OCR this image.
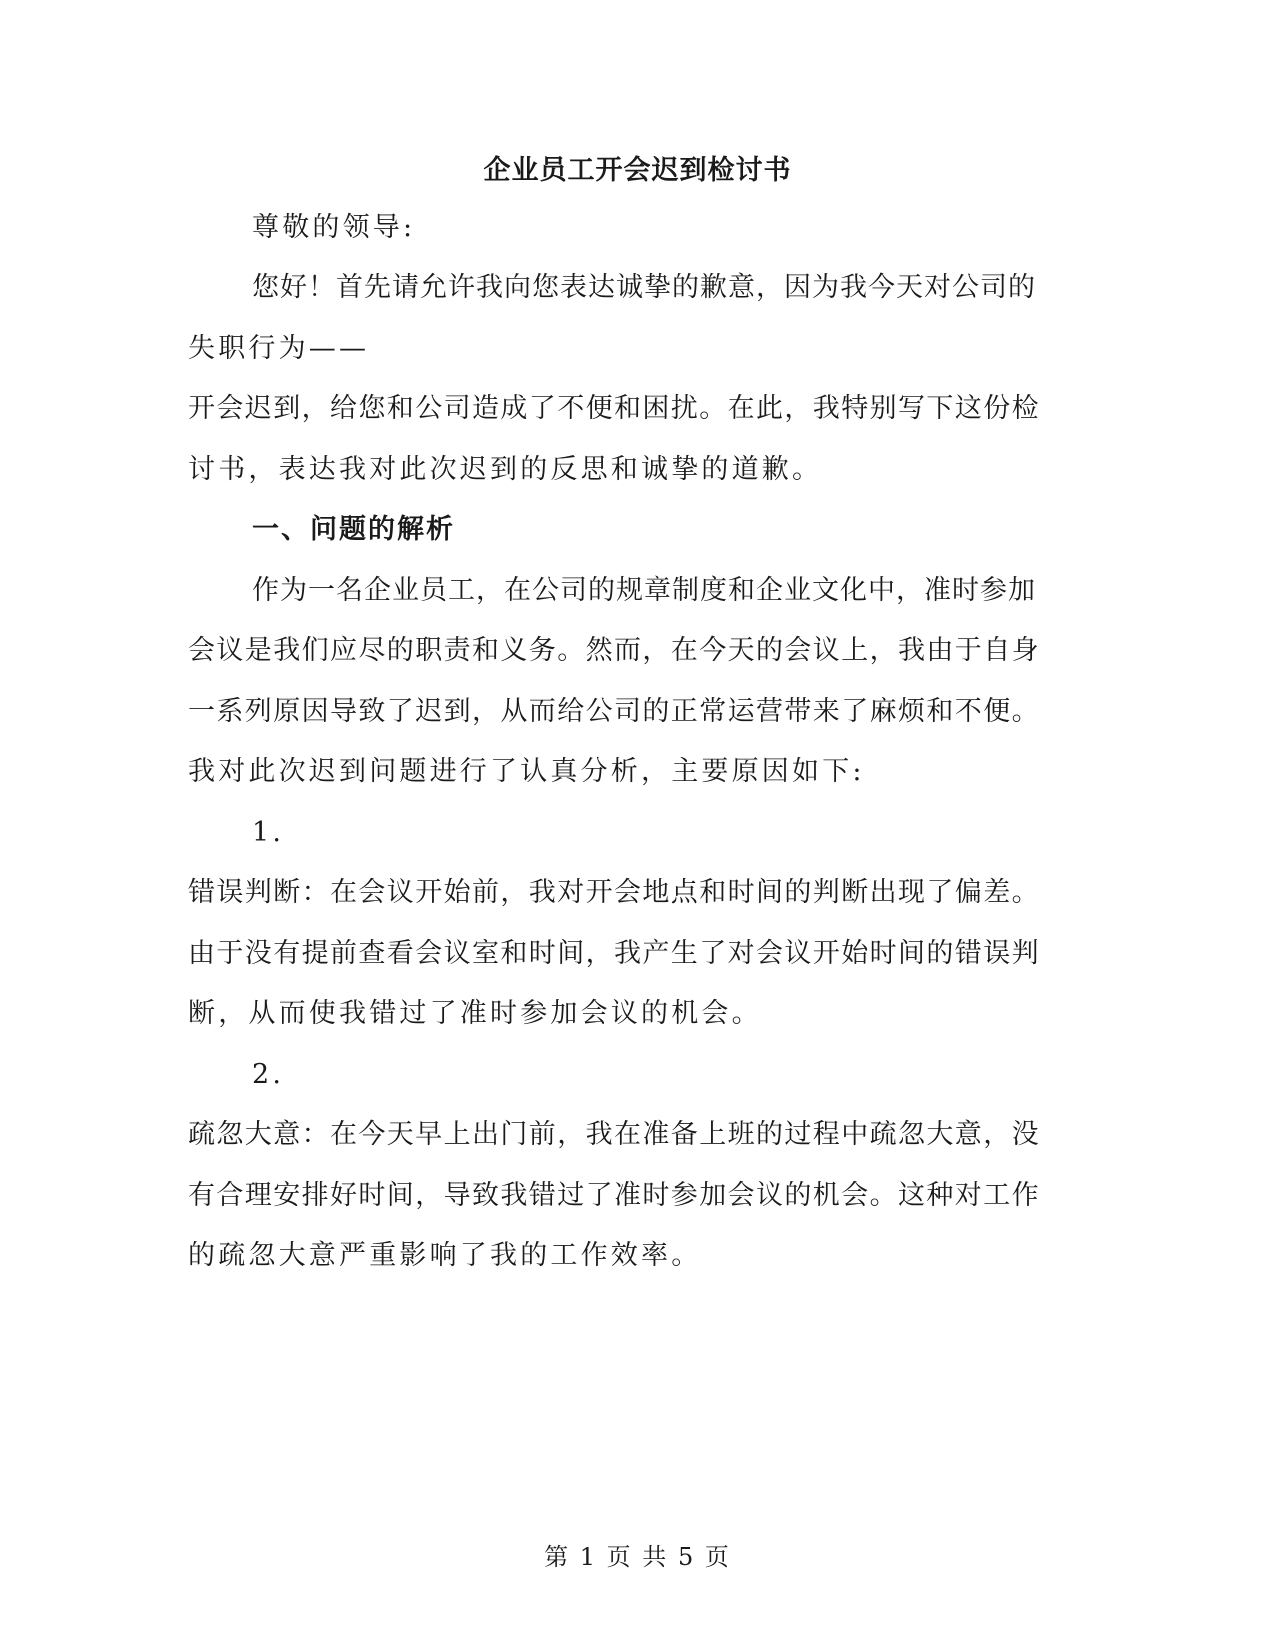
企业员工开会迟到检讨书
尊敬的领导:
您好！首先请允许我向您表达诚挚的歉意，因为我今天对公司的
失职行为——
开会迟到，给您和公司造成了不便和困扰。在此，我特别写下这份检
讨书，表达我对此次迟到的反思和诚挚的道歉。
一、问题的解析
作为一名企业员工，在公司的规章制度和企业文化中，准时参加
会议是我们应尽的职责和义务。然而，在今天的会议上，我由于自身
一系列原因导致了迟到，从而给公司的正常运营带来了麻烦和不便。
我对此次迟到问题进行了认真分析，主要原因如下:
1.
错误判断：在会议开始前，我对开会地点和时间的判断出现了偏差。
由于没有提前查看会议室和时间，我产生了对会议开始时间的错误判
断，从而使我错过了准时参加会议的机会。
2.
疏忽大意：在今天早上出门前，我在准备上班的过程中疏忽大意，没
有合理安排好时间，导致我错过了准时参加会议的机会。这种对工作
的疏忽大意严重影响了我的工作效率。
第 1 页 共 5 页
